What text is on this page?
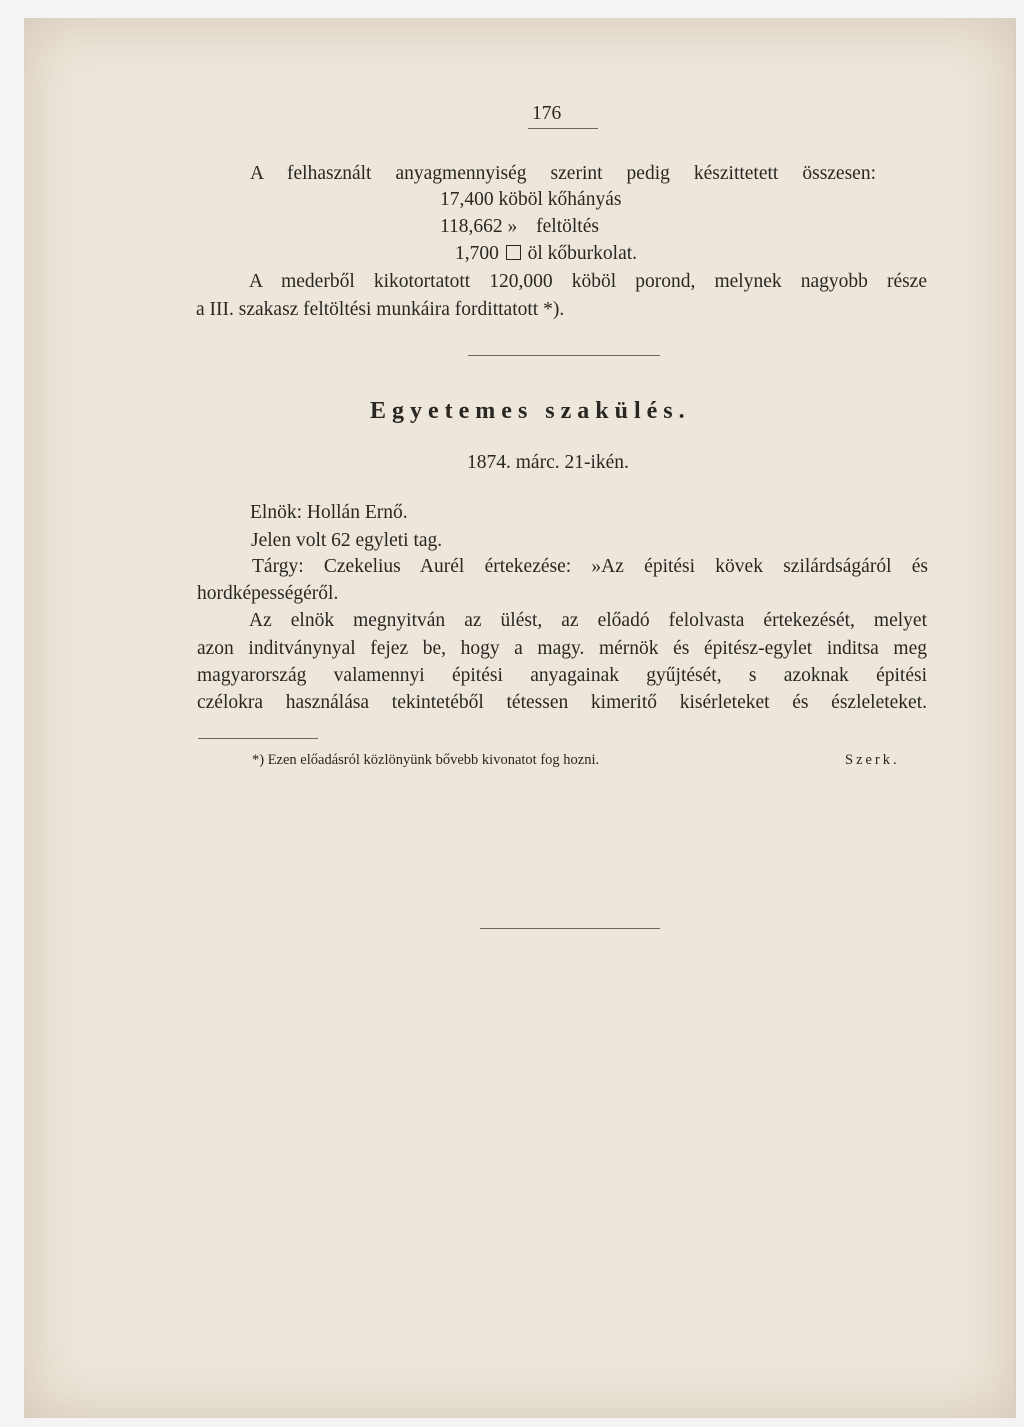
176
A felhasznált anyagmennyiség szerint pedig készittetett összesen:
17,400 köböl kőhányás
118,662 » feltöltés
1,700 öl kőburkolat.
A mederből kikotortatott 120,000 köböl porond, melynek nagyobb része
a III. szakasz feltöltési munkáira fordittatott *).
Egyetemes szakülés.
1874. márc. 21-ikén.
Elnök: Hollán Ernő.
Jelen volt 62 egyleti tag.
Tárgy: Czekelius Aurél értekezése: »Az épitési kövek szilárdságáról és
hordképességéről.
Az elnök megnyitván az ülést, az előadó felolvasta értekezését, melyet
azon inditványnyal fejez be, hogy a magy. mérnök és épitész-egylet inditsa meg
magyarország valamennyi épitési anyagainak gyűjtését, s azoknak épitési
czélokra használása tekintetéből tétessen kimeritő kisérleteket és észleleteket.
*) Ezen előadásról közlönyünk bővebb kivonatot fog hozni.	Szerk.
